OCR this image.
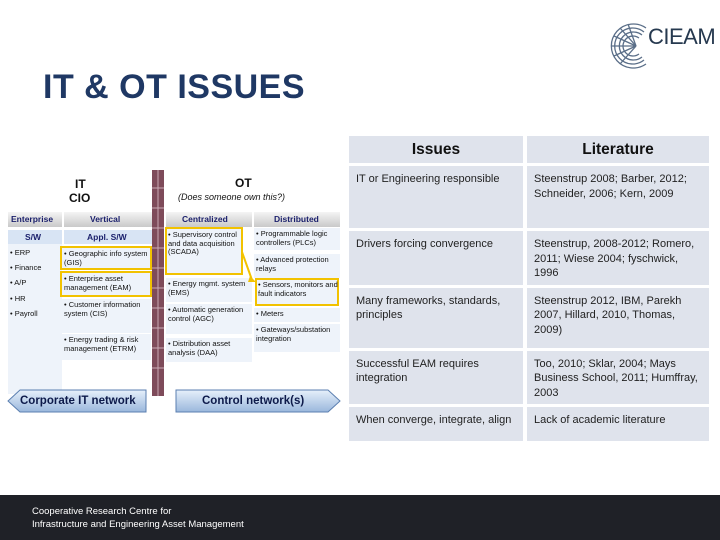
IT & OT ISSUES
CIEAM
IT
CIO
OT
(Does someone own this?)
Enterprise	Vertical	Centralized	Distributed
S/W	Appl. S/W
• ERP
• Finance
• A/P
• HR
• Payroll
• Geographic info system (GIS)
• Enterprise asset management (EAM)
• Customer information system (CIS)
• Energy trading & risk management (ETRM)
• Supervisory control and data acquisition (SCADA)
• Energy mgmt. system (EMS)
• Automatic generation control (AGC)
• Distribution asset analysis (DAA)
• Programmable logic controllers (PLCs)
• Advanced protection relays
• Sensors, monitors and fault indicators
• Meters
• Gateways/substation integration
Corporate IT network	Control network(s)
Issues		Literature

IT or Engineering responsible		Steenstrup 2008; Barber, 2012; Schneider, 2006; Kern, 2009

Drivers forcing convergence		Steenstrup, 2008-2012; Romero, 2011; Wiese 2004; fyschwick, 1996

Many frameworks, standards, principles		Steenstrup 2012, IBM, Parekh 2007, Hillard, 2010, Thomas, 2009)

Successful EAM requires integration		Too, 2010; Sklar, 2004; Mays Business School, 2011; Humffray, 2003

When converge, integrate, align		Lack of academic literature
Cooperative Research Centre for
Infrastructure and Engineering Asset Management
